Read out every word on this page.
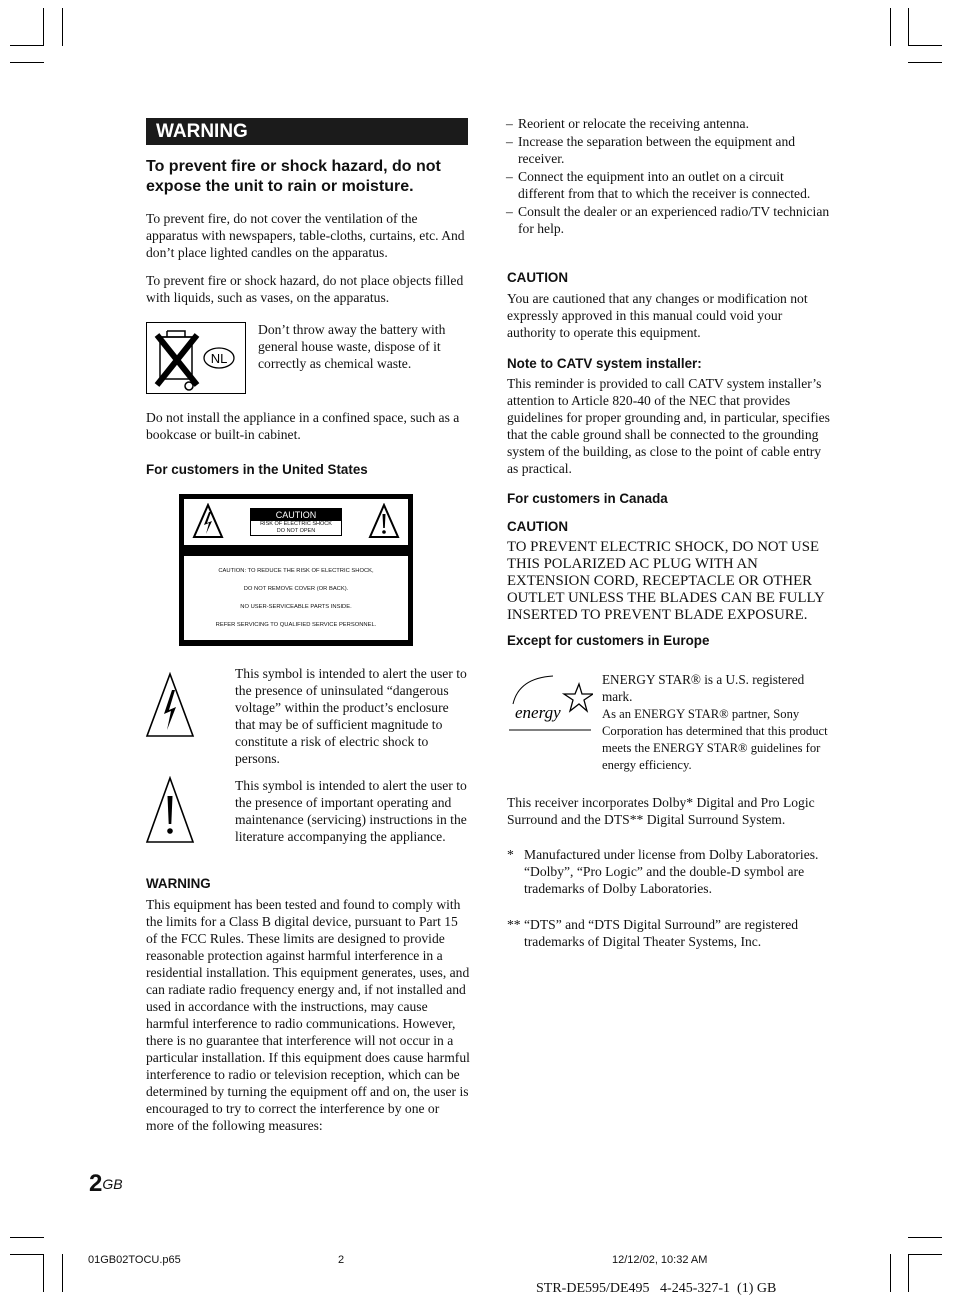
WARNING
To prevent fire or shock hazard, do not expose the unit to rain or moisture.

To prevent fire, do not cover the ventilation of the apparatus with newspapers, table-cloths, curtains, etc. And don’t place lighted candles on the apparatus.

To prevent fire or shock hazard, do not place objects filled with liquids, such as vases, on the apparatus.

NL

Don’t throw away the battery with general house waste, dispose of it correctly as chemical waste.

Do not install the appliance in a confined space, such as a bookcase or built-in cabinet.

For customers in the United States
CAUTION
RISK OF ELECTRIC SHOCK
DO NOT OPEN
CAUTION: TO REDUCE THE RISK OF ELECTRIC SHOCK,
DO NOT REMOVE COVER (OR BACK).
NO USER-SERVICEABLE PARTS INSIDE.
REFER SERVICING TO QUALIFIED SERVICE PERSONNEL.

This symbol is intended to alert the user to the presence of uninsulated “dangerous voltage” within the product’s enclosure that may be of sufficient magnitude to constitute a risk of electric shock to persons.

This symbol is intended to alert the user to the presence of important operating and maintenance (servicing) instructions in the literature accompanying the appliance.

WARNING

This equipment has been tested and found to comply with the limits for a Class B digital device, pursuant to Part 15 of the FCC Rules. These limits are designed to provide reasonable protection against harmful interference in a residential installation. This equipment generates, uses, and can radiate radio frequency energy and, if not installed and used in accordance with the instructions, may cause harmful interference to radio communications. However, there is no guarantee that interference will not occur in a particular installation. If this equipment does cause harmful interference to radio or television reception, which can be determined by turning the equipment off and on, the user is encouraged to try to correct the interference by one or more of the following measures:

– Reorient or relocate the receiving antenna.
– Increase the separation between the equipment and receiver.
– Connect the equipment into an outlet on a circuit different from that to which the receiver is connected.
– Consult the dealer or an experienced radio/TV technician for help.
CAUTION

You are cautioned that any changes or modification not expressly approved in this manual could void your authority to operate this equipment.

Note to CATV system installer:

This reminder is provided to call CATV system installer’s attention to Article 820-40 of the NEC that provides guidelines for proper grounding and, in particular, specifies that the cable ground shall be connected to the grounding system of the building, as close to the point of cable entry as practical.

For customers in Canada
CAUTION

TO PREVENT ELECTRIC SHOCK, DO NOT USE THIS POLARIZED AC PLUG WITH AN EXTENSION CORD, RECEPTACLE OR OTHER OUTLET UNLESS THE BLADES CAN BE FULLY INSERTED TO PREVENT BLADE EXPOSURE.

Except for customers in Europe
energy

ENERGY STAR® is a U.S. registered mark.

As an ENERGY STAR® partner, Sony Corporation has determined that this product meets the ENERGY STAR® guidelines for energy efficiency.

This receiver incorporates Dolby* Digital and Pro Logic Surround and the DTS** Digital Surround System.

* Manufactured under license from Dolby Laboratories.
“Dolby”, “Pro Logic” and the double-D symbol are trademarks of Dolby Laboratories.
** “DTS” and “DTS Digital Surround” are registered trademarks of Digital Theater Systems, Inc.
2GB
01GB02TOCU.p65	2	12/12/02, 10:32 AM
STR-DE595/DE495   4-245-327-1  (1) GB
